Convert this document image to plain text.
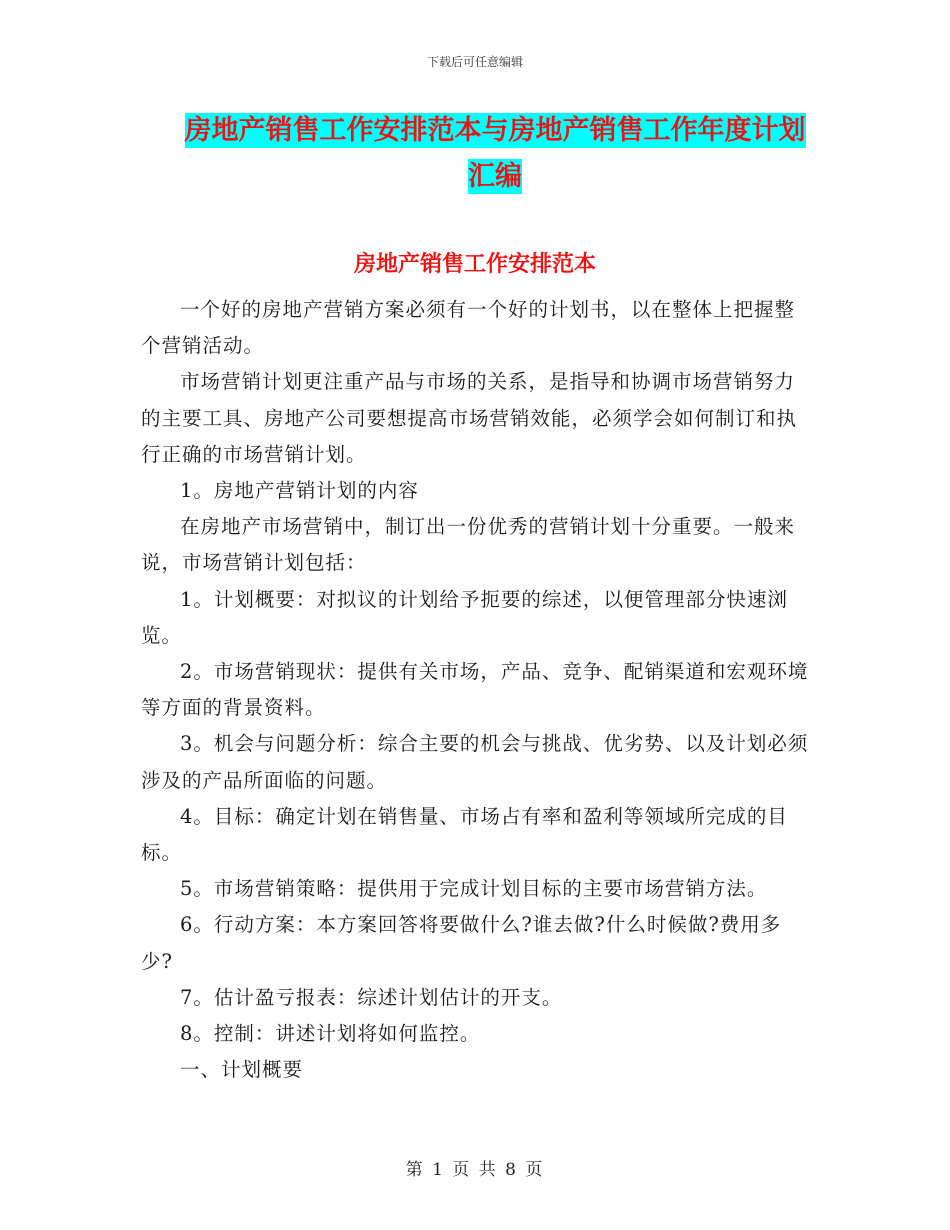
下载后可任意编辑
房地产销售工作安排范本与房地产销售工作年度计划
汇编
房地产销售工作安排范本

一个好的房地产营销方案必须有一个好的计划书，以在整体上把握整个营销活动。

市场营销计划更注重产品与市场的关系，是指导和协调市场营销努力的主要工具、房地产公司要想提高市场营销效能，必须学会如何制订和执行正确的市场营销计划。

1。房地产营销计划的内容

在房地产市场营销中，制订出一份优秀的营销计划十分重要。一般来说，市场营销计划包括：

1。计划概要：对拟议的计划给予扼要的综述，以便管理部分快速浏览。

2。市场营销现状：提供有关市场，产品、竞争、配销渠道和宏观环境等方面的背景资料。

3。机会与问题分析：综合主要的机会与挑战、优劣势、以及计划必须涉及的产品所面临的问题。

4。目标：确定计划在销售量、市场占有率和盈利等领域所完成的目标。

5。市场营销策略：提供用于完成计划目标的主要市场营销方法。

6。行动方案：本方案回答将要做什么?谁去做?什么时候做?费用多少?

7。估计盈亏报表：综述计划估计的开支。

8。控制：讲述计划将如何监控。

一、计划概要

第 1 页 共 8 页
